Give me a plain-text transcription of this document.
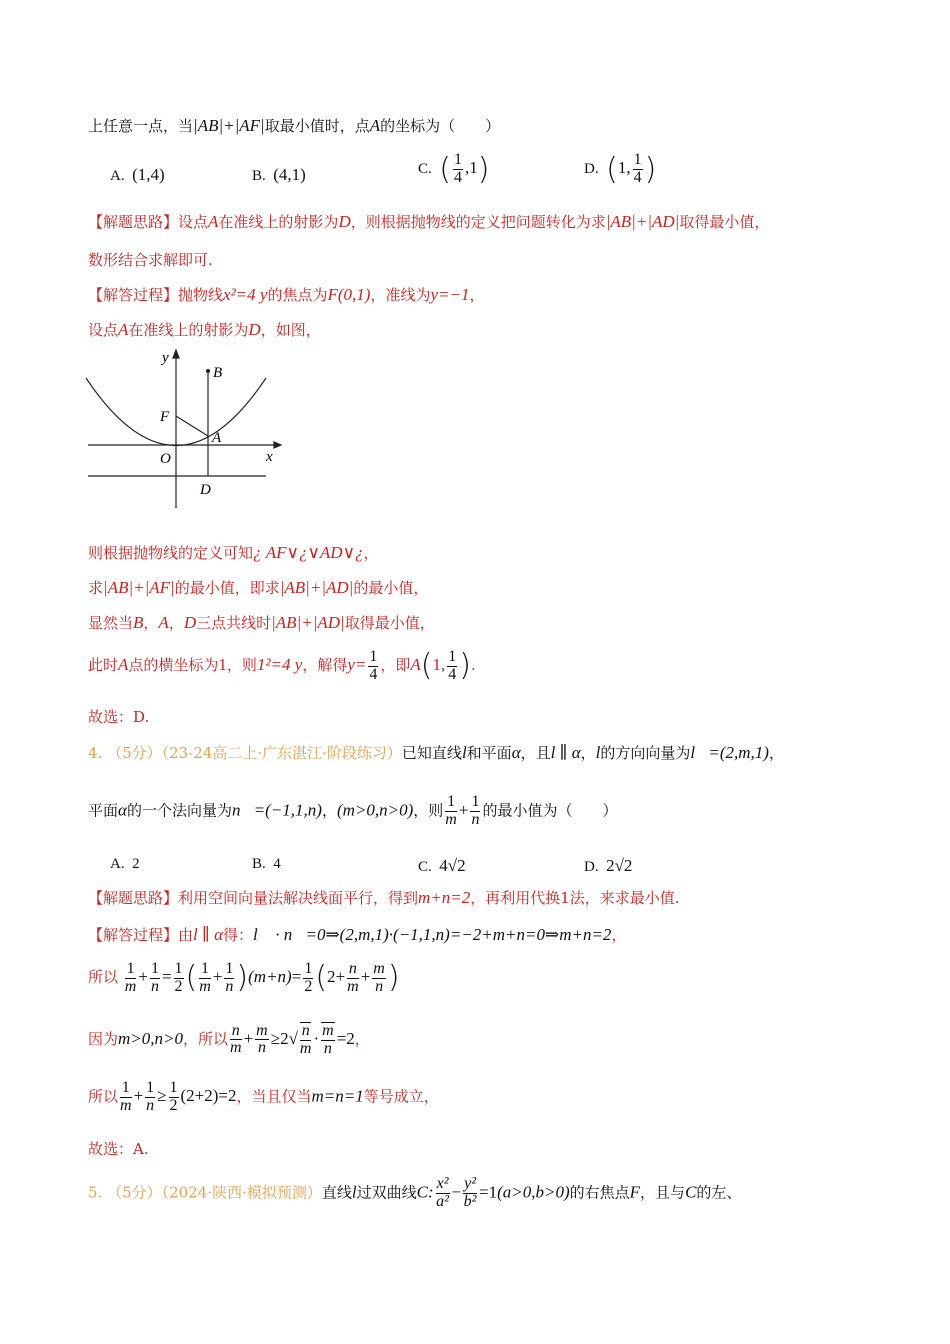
上任意一点，当|AB|+|AF|取最小值时，点A的坐标为（　　）
A. (1,4)	B. (4,1)	C. ( $\frac{1}{4} ,1$)	D. (1, $\frac{1}{4}$ )
【解题思路】设点A在准线上的射影为D，则根据抛物线的定义把问题转化为求|AB|+|AD|取得最小值，
数形结合求解即可.
【解答过程】抛物线x²=4 y的焦点为F(0,1)，准线为y=−1，
设点A在准线上的射影为D，如图，
y
x
B
F
A
O
D
则根据抛物线的定义可知¿ AF∨¿∨AD∨¿，
求|AB|+|AF|的最小值，即求|AB|+|AD|的最小值，
显然当B，A，D三点共线时|AB|+|AD|取得最小值，
此时A点的横坐标为1，则1²=4 y，解得$y= \frac{1}{4}$ ，即A(1, $\frac{1}{4}$ ).
故选：D.
4. （5分）（23-24高二上·广东湛江·阶段练习）已知直线l和平面α，且l ∥ α，l的方向向量为l⃗=(2,m,1)，
平面α的一个法向量为n⃗=(−1,1,n)，(m>0,n>0)，则 $\frac{1}{m} + \frac{1}{n}$ 的最小值为（　　）
A. 2	B. 4	C. 4√2	D. 2√2
【解题思路】利用空间向量法解决线面平行，得到m+n=2，再利用代换1法，来求最小值.
【解答过程】由l ∥ α得：l⃗ · n⃗=0⇒(2,m,1)·(−1,1,n)=−2+m+n=0⇒m+n=2，
所以 $\frac{1}{m} + \frac{1}{n} = \frac{1}{2}$ ( $\frac{1}{m} + \frac{1}{n} )(m+n)= \frac{1}{2} (2+ \frac{n}{m} + \frac{m}{n}$ )
因为m>0,n>0，所以 $\frac{n}{m} + \frac{m}{n} \ge 2√ \frac{n}{m} \cdot \frac{m}{n} =2$，
所以 $\frac{1}{m} + \frac{1}{n} \ge \frac{1}{2} (2+2)=2$，当且仅当m=n=1等号成立，
故选：A.
5. （5分）（2024·陕西·模拟预测）直线l过双曲线C: $\frac{\text{x²}}{\text{a²}} - \frac{\text{y²}}{\text{b²}} =1(a>0,b>0)$的右焦点F，且与C的左、
